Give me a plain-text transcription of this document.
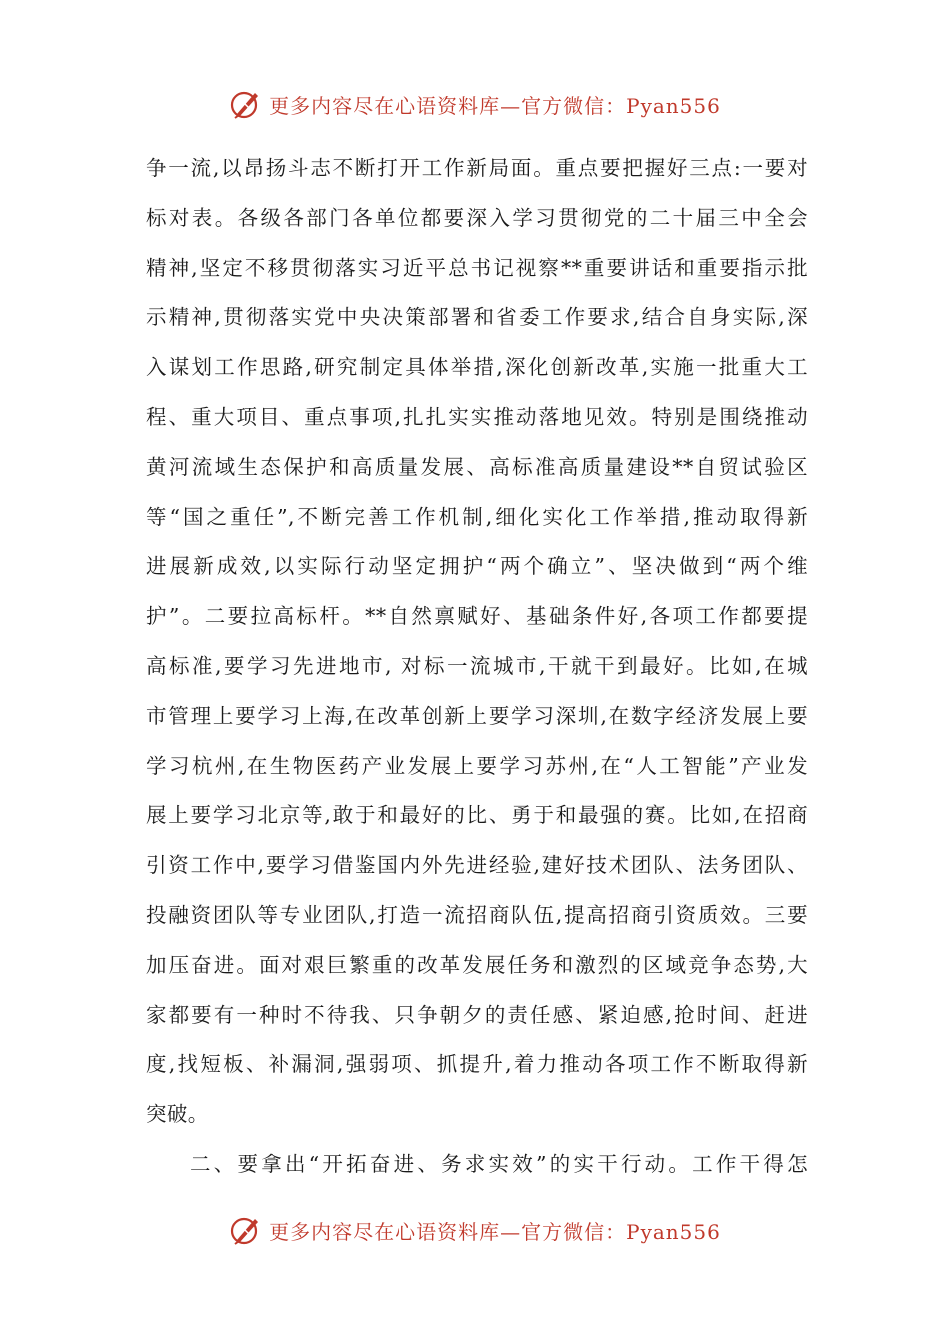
更多内容尽在心语资料库—官方微信：Pyan556
争一流,以昂扬斗志不断打开工作新局面。重点要把握好三点:一要对
标对表。各级各部门各单位都要深入学习贯彻党的二十届三中全会
精神,坚定不移贯彻落实习近平总书记视察**重要讲话和重要指示批
示精神,贯彻落实党中央决策部署和省委工作要求,结合自身实际,深
入谋划工作思路,研究制定具体举措,深化创新改革,实施一批重大工
程、重大项目、重点事项,扎扎实实推动落地见效。特别是围绕推动
黄河流域生态保护和高质量发展、高标准高质量建设**自贸试验区
等“国之重任”,不断完善工作机制,细化实化工作举措,推动取得新
进展新成效,以实际行动坚定拥护“两个确立”、坚决做到“两个维
护”。二要拉高标杆。**自然禀赋好、基础条件好,各项工作都要提
高标准,要学习先进地市, 对标一流城市,干就干到最好。比如,在城
市管理上要学习上海,在改革创新上要学习深圳,在数字经济发展上要
学习杭州,在生物医药产业发展上要学习苏州,在“人工智能”产业发
展上要学习北京等,敢于和最好的比、勇于和最强的赛。比如,在招商
引资工作中,要学习借鉴国内外先进经验,建好技术团队、法务团队、
投融资团队等专业团队,打造一流招商队伍,提高招商引资质效。三要
加压奋进。面对艰巨繁重的改革发展任务和激烈的区域竞争态势,大
家都要有一种时不待我、只争朝夕的责任感、紧迫感,抢时间、赶进
度,找短板、补漏洞,强弱项、抓提升,着力推动各项工作不断取得新
突破。
二、要拿出“开拓奋进、务求实效”的实干行动。工作干得怎
更多内容尽在心语资料库—官方微信：Pyan556
